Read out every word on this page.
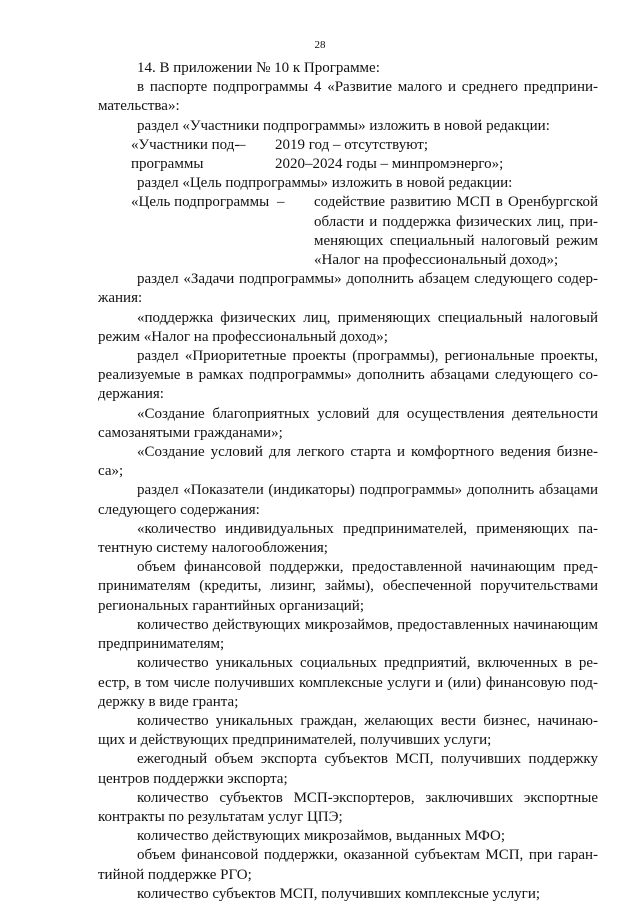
28

14. В приложении № 10 к Программе:

в паспорте подпрограммы 4 «Развитие малого и среднего предприни-мательства»:

раздел «Участники подпрограммы» изложить в новой редакции:

«Участники под-
программы
–	2019 год – отсутствуют;
2020–2024 годы – минпромэнерго»;

раздел «Цель подпрограммы» изложить в новой редакции:

«Цель подпрограммы –	содействие развитию МСП в Оренбургской области и поддержка физических лиц, при-меняющих специальный налоговый режим «Налог на профессиональный доход»;

раздел «Задачи подпрограммы» дополнить абзацем следующего содер-жания:

«поддержка физических лиц, применяющих специальный налоговый режим «Налог на профессиональный доход»;

раздел «Приоритетные проекты (программы), региональные проекты, реализуемые в рамках подпрограммы» дополнить абзацами следующего со-держания:

«Создание благоприятных условий для осуществления деятельности самозанятыми гражданами»;

«Создание условий для легкого старта и комфортного ведения бизне-са»;

раздел «Показатели (индикаторы) подпрограммы» дополнить абзацами следующего содержания:

«количество индивидуальных предпринимателей, применяющих па-тентную систему налогообложения;

объем финансовой поддержки, предоставленной начинающим пред-принимателям (кредиты, лизинг, займы), обеспеченной поручительствами региональных гарантийных организаций;

количество действующих микрозаймов, предоставленных начинающим предпринимателям;

количество уникальных социальных предприятий, включенных в ре-естр, в том числе получивших комплексные услуги и (или) финансовую под-держку в виде гранта;

количество уникальных граждан, желающих вести бизнес, начинаю-щих и действующих предпринимателей, получивших услуги;

ежегодный объем экспорта субъектов МСП, получивших поддержку центров поддержки экспорта;

количество субъектов МСП-экспортеров, заключивших экспортные контракты по результатам услуг ЦПЭ;

количество действующих микрозаймов, выданных МФО;

объем финансовой поддержки, оказанной субъектам МСП, при гаран-тийной поддержке РГО;

количество субъектов МСП, получивших комплексные услуги;
